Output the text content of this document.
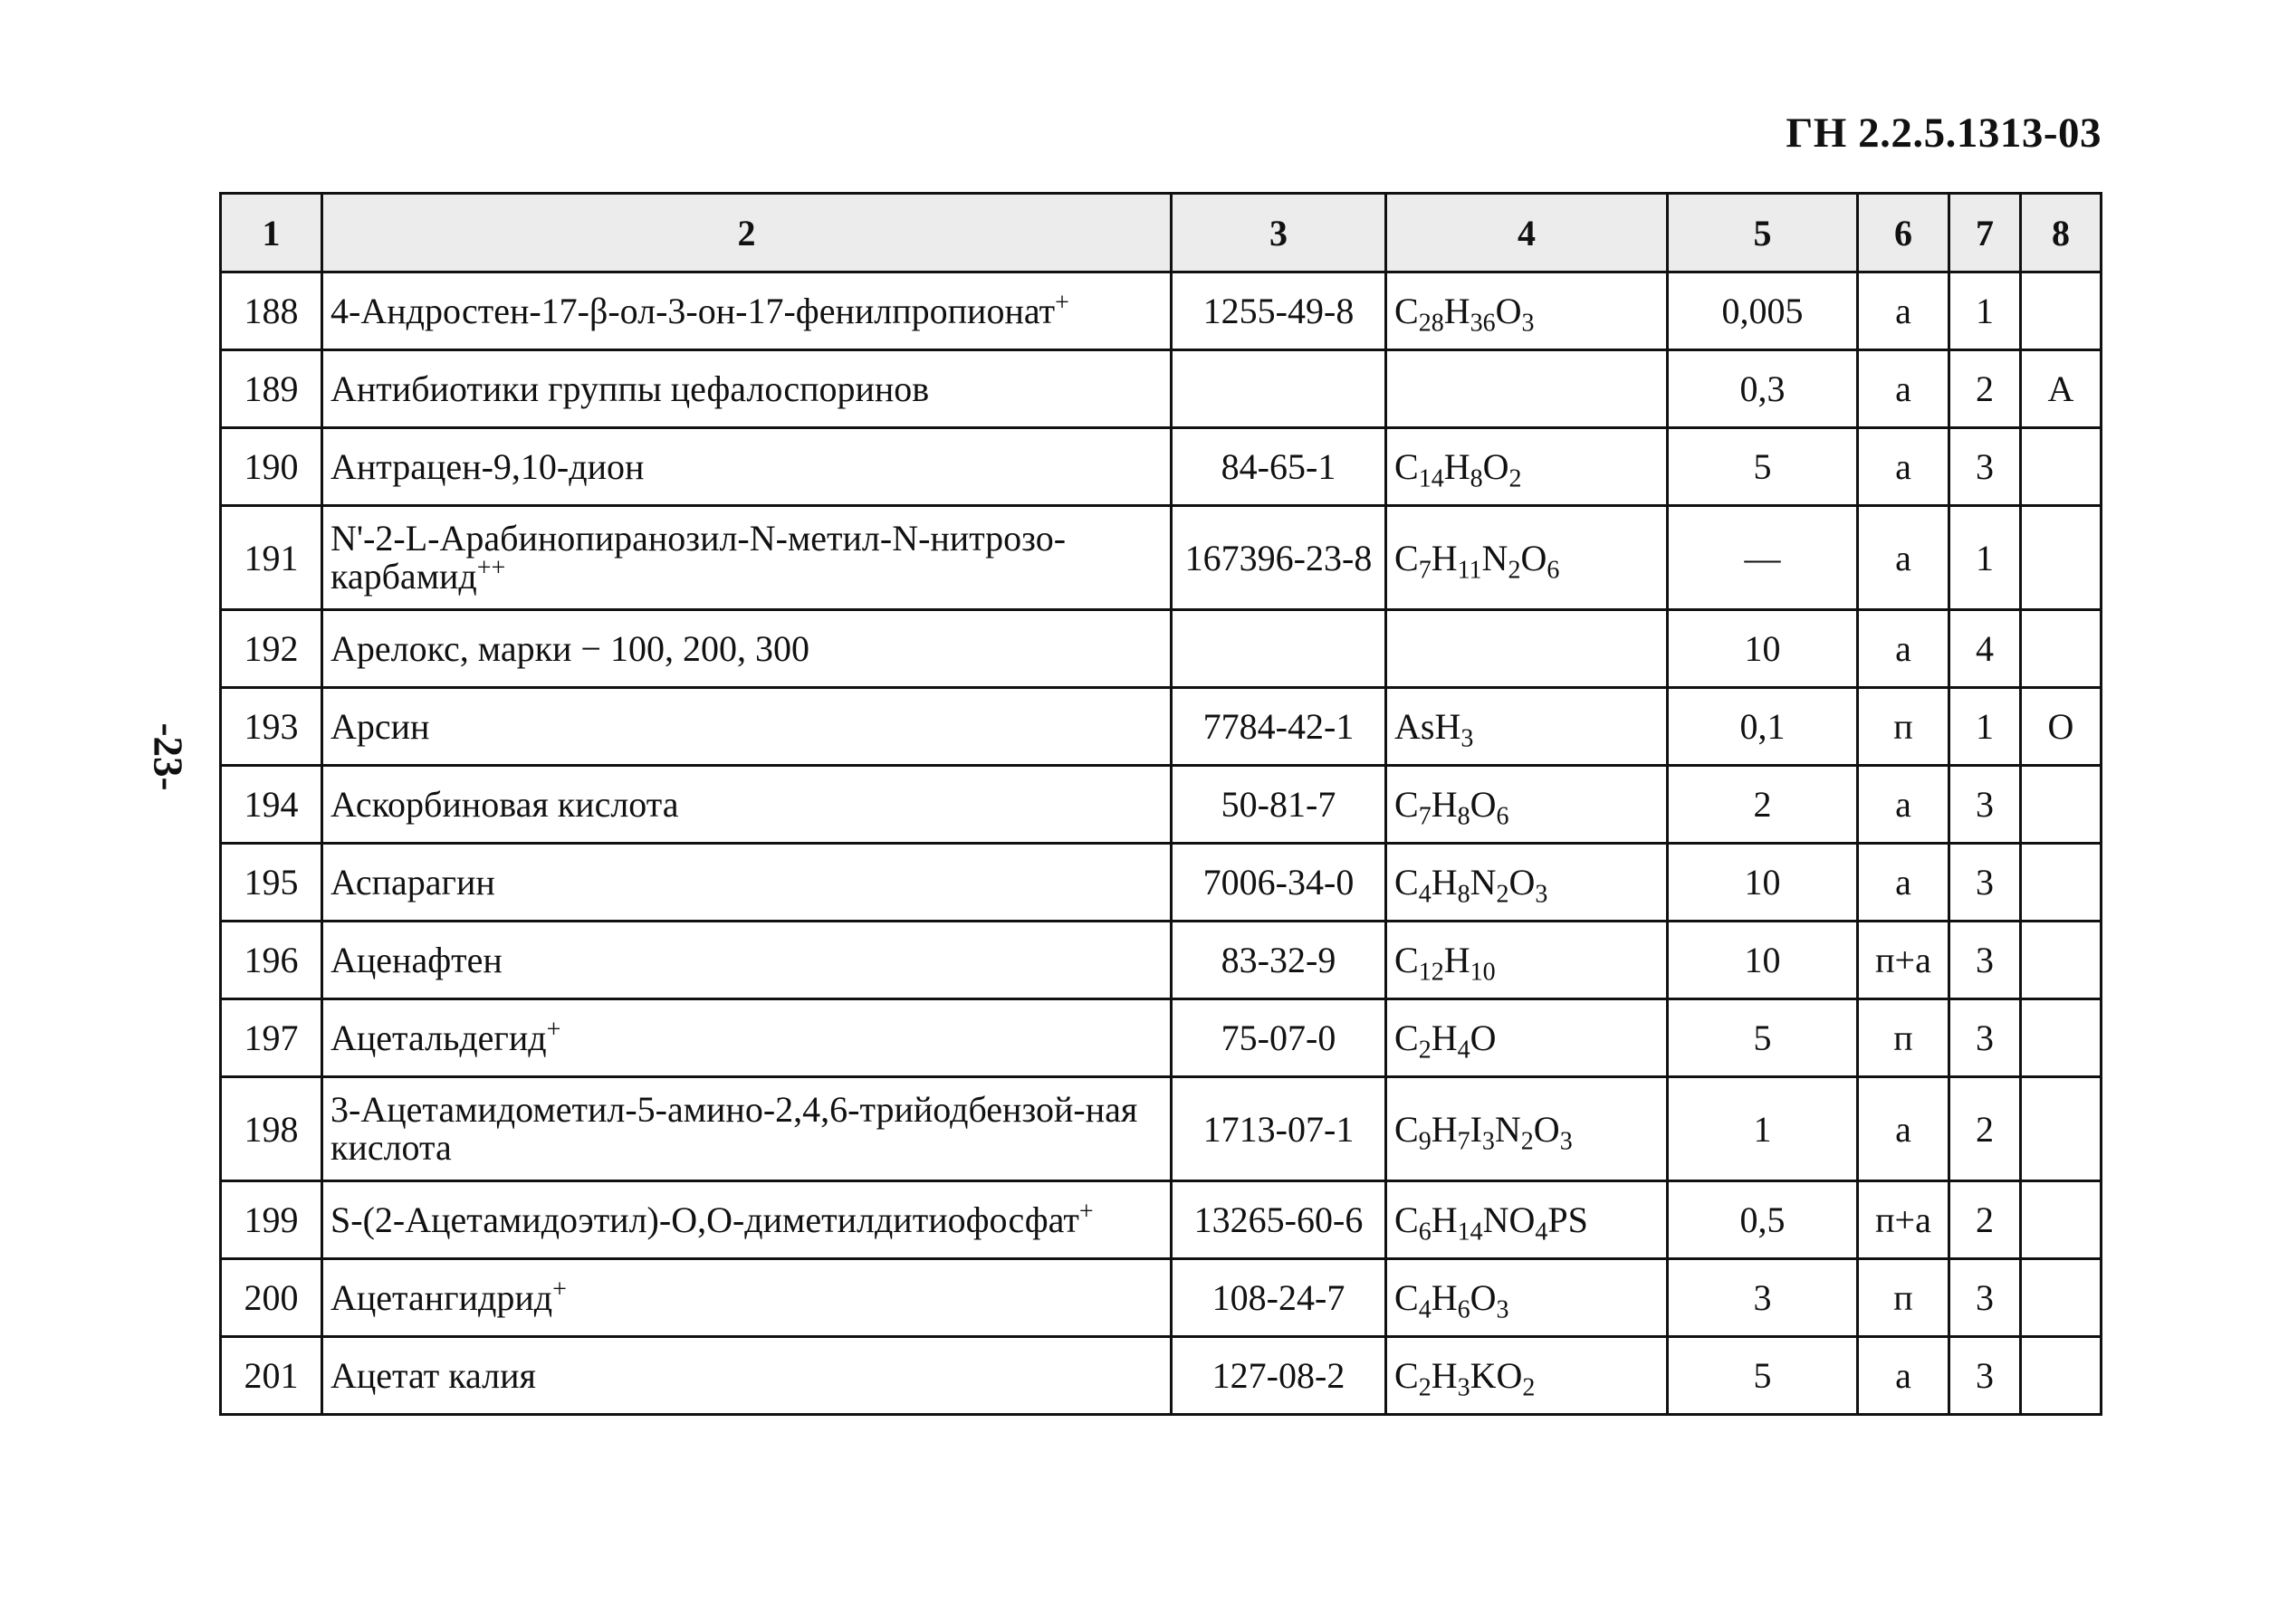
ГН 2.2.5.1313-03
-23-
1	2	3	4	5	6	7	8
188	4-Андростен-17-β-ол-3-он-17-фенилпропионат+	1255-49-8	$C_{28}H_{36}O_3$	0,005	а	1	
189	Антибиотики группы цефалоспоринов			0,3	а	2	А
190	Антрацен-9,10-дион	84-65-1	$C_{14}H_8O_2$	5	а	3	
191	N'-2-L-Арабинопиранозил-N-метил-N-нитрозо-карбамид++	167396-23-8	$C_7H_{11}N_2O_6$	—	а	1	
192	Арелокс, марки − 100, 200, 300			10	а	4	
193	Арсин	7784-42-1	AsH$_3$	0,1	п	1	О
194	Аскорбиновая кислота	50-81-7	$C_7H_8O_6$	2	а	3	
195	Аспарагин	7006-34-0	$C_4H_8N_2O_3$	10	а	3	
196	Аценафтен	83-32-9	$C_{12}H_{10}$	10	п+а	3	
197	Ацетальдегид+	75-07-0	$C_2H_4O$	5	п	3	
198	3-Ацетамидометил-5-амино-2,4,6-трийодбензой-ная кислота	1713-07-1	$C_9H_7I_3N_2O_3$	1	а	2	
199	S-(2-Ацетамидоэтил)-О,О-диметилдитиофосфат+	13265-60-6	$C_6H_{14}NO_4PS$	0,5	п+а	2	
200	Ацетангидрид+	108-24-7	$C_4H_6O_3$	3	п	3	
201	Ацетат калия	127-08-2	$C_2H_3KO_2$	5	а	3	
